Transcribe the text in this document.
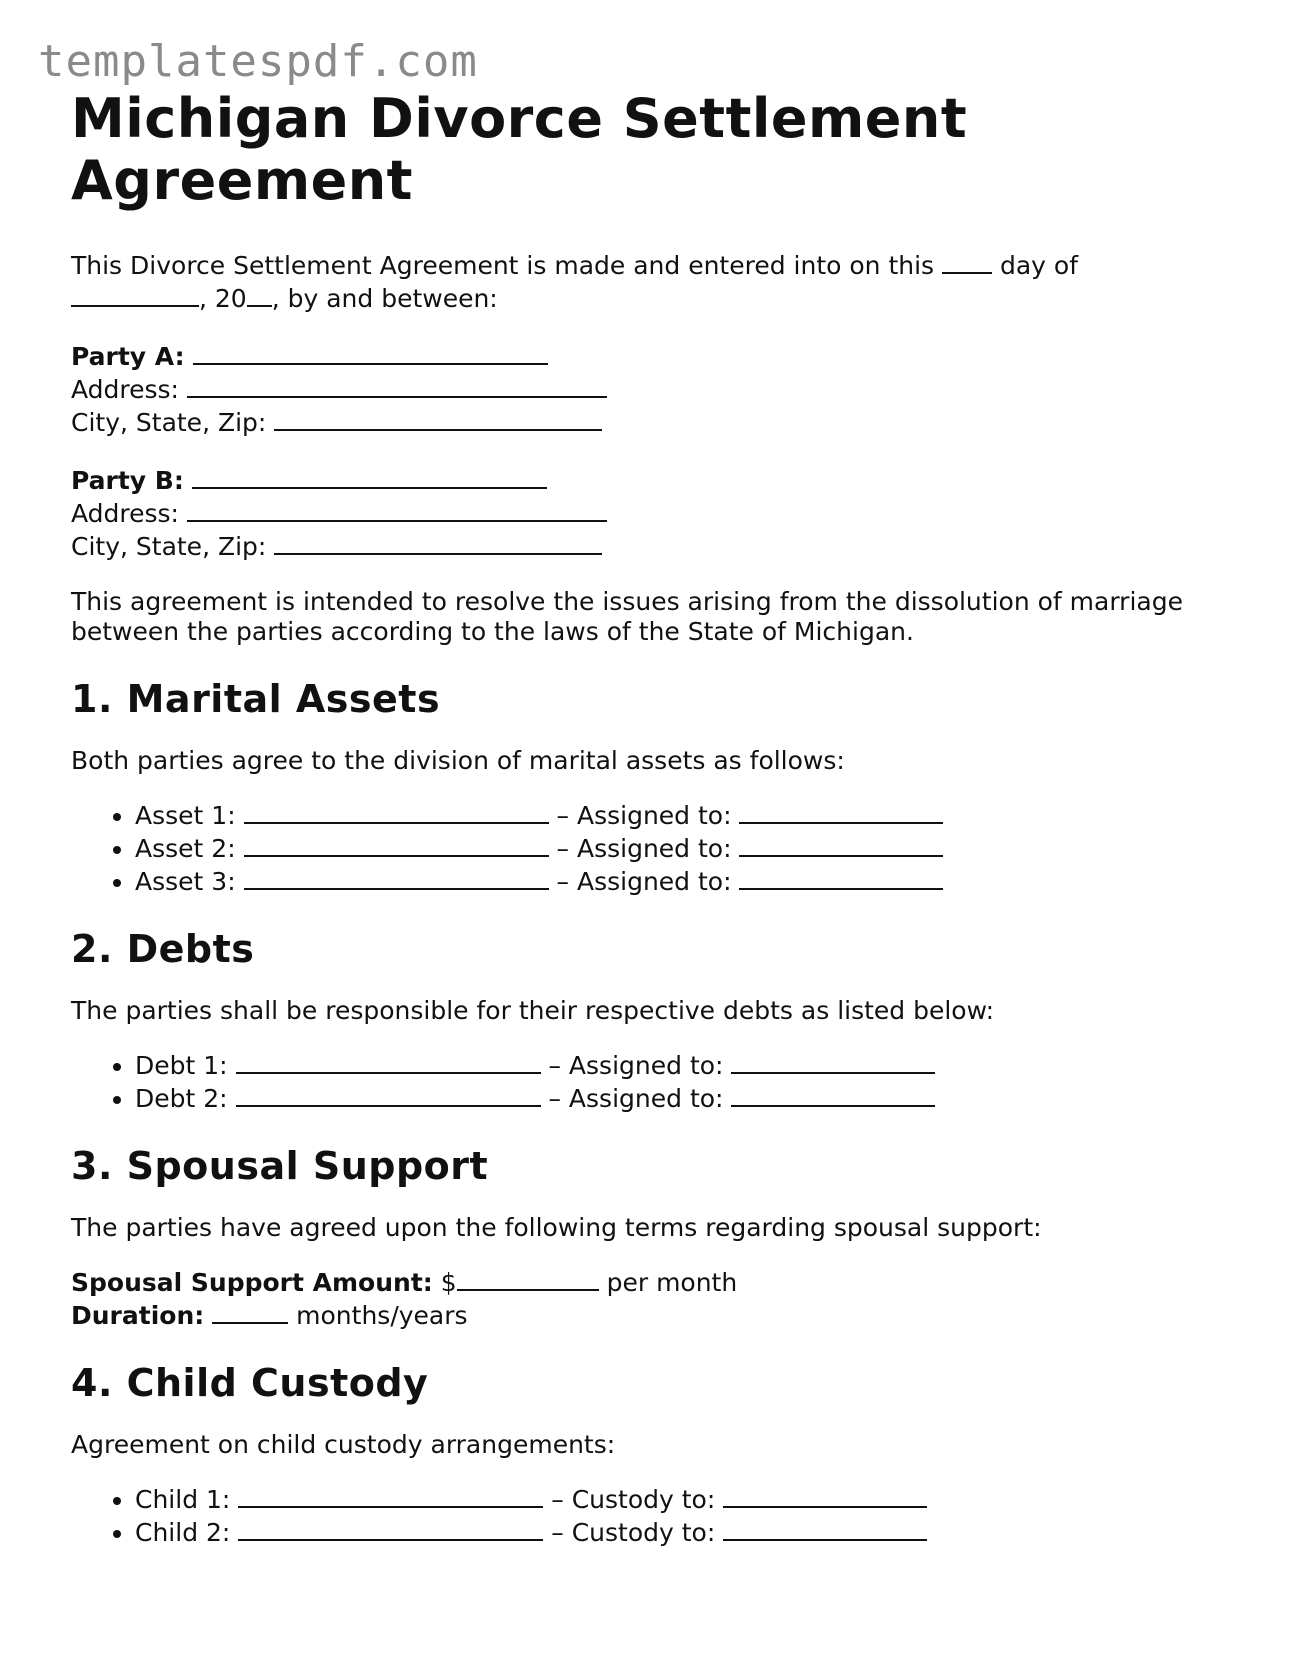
templatespdf.com
Michigan Divorce Settlement Agreement

This Divorce Settlement Agreement is made and entered into on this	day of
, 20 , by and between:

Party A:
Address:
City, State, Zip:
Party B:
Address:
City, State, Zip:

This agreement is intended to resolve the issues arising from the dissolution of marriage between the parties according to the laws of the State of Michigan.

1. Marital Assets

Both parties agree to the division of marital assets as follows:

• Asset 1:	– Assigned to:
• Asset 2:	– Assigned to:
• Asset 3:	– Assigned to:
2. Debts

The parties shall be responsible for their respective debts as listed below:

• Debt 1:	– Assigned to:
• Debt 2:	– Assigned to:
3. Spousal Support

The parties have agreed upon the following terms regarding spousal support:

Spousal Support Amount: $	per month
Duration:	months/years
4. Child Custody

Agreement on child custody arrangements:

• Child 1:	– Custody to:
• Child 2:	– Custody to:
